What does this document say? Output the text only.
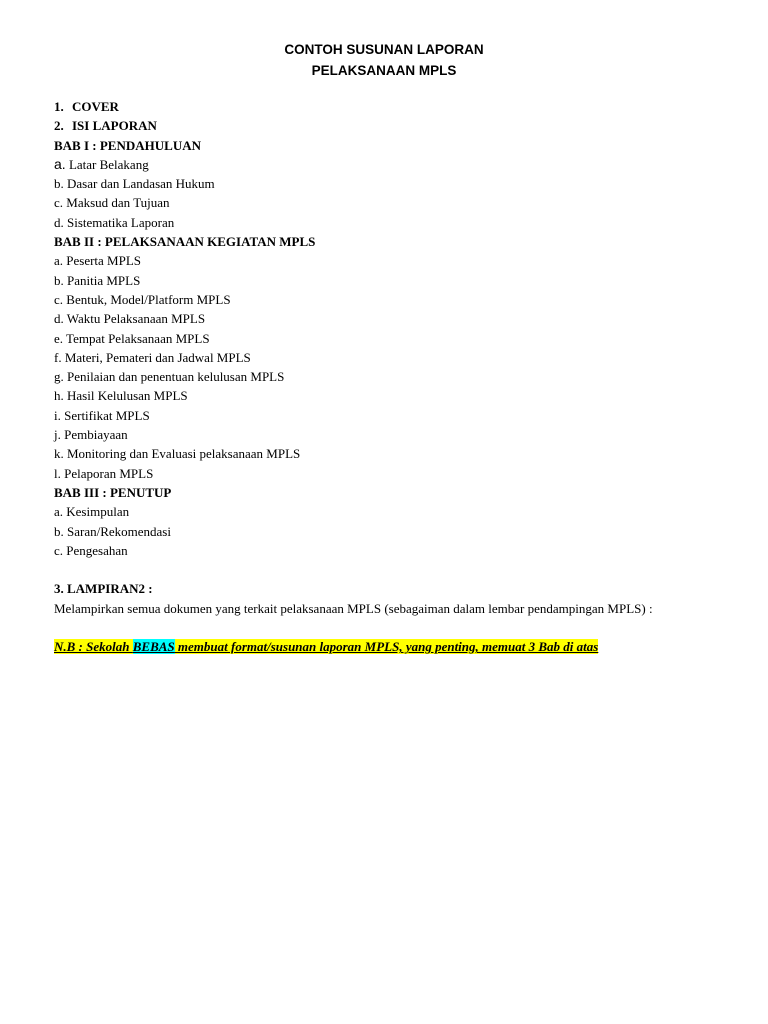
CONTOH SUSUNAN LAPORAN
PELAKSANAAN MPLS
1. COVER
2. ISI LAPORAN
BAB I : PENDAHULUAN
a. Latar Belakang
b. Dasar dan Landasan Hukum
c. Maksud dan Tujuan
d. Sistematika Laporan
BAB II : PELAKSANAAN KEGIATAN MPLS
a. Peserta MPLS
b. Panitia MPLS
c. Bentuk, Model/Platform MPLS
d. Waktu Pelaksanaan MPLS
e. Tempat Pelaksanaan MPLS
f. Materi, Pemateri dan Jadwal MPLS
g. Penilaian dan penentuan kelulusan MPLS
h. Hasil Kelulusan MPLS
i. Sertifikat MPLS
j. Pembiayaan
k. Monitoring dan Evaluasi pelaksanaan MPLS
l. Pelaporan MPLS
BAB III : PENUTUP
a. Kesimpulan
b. Saran/Rekomendasi
c. Pengesahan
3. LAMPIRAN2 :
Melampirkan semua dokumen yang terkait pelaksanaan MPLS (sebagaiman dalam lembar pendampingan MPLS) :
N.B : Sekolah BEBAS membuat format/susunan laporan MPLS, yang penting, memuat 3 Bab di atas
